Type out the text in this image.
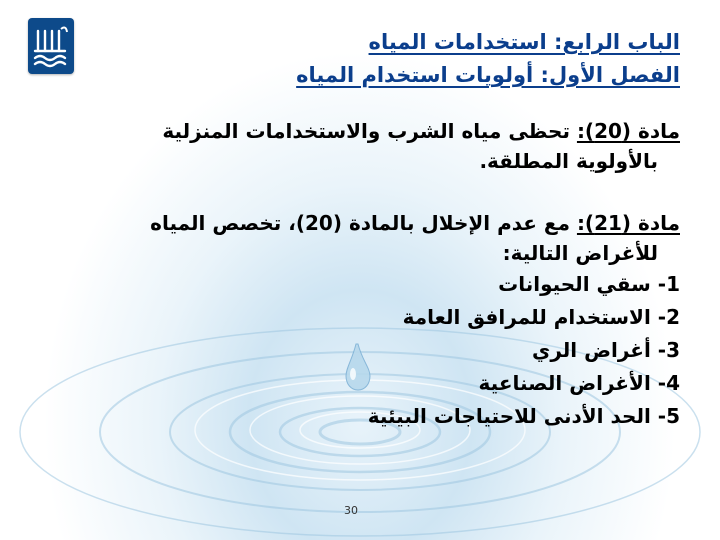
الباب الرابع: استخدامات المياه
الفصل الأول: أولويات استخدام المياه
مادة (20): تحظى مياه الشرب والاستخدامات المنزلية
بالأولوية المطلقة.
مادة (21): مع عدم الإخلال بالمادة (20)، تخصص المياه
للأغراض التالية:
1- سقي الحيوانات
2- الاستخدام للمرافق العامة
3- أغراض الري
4- الأغراض الصناعية
5- الحد الأدنى للاحتياجات البيئية
30
